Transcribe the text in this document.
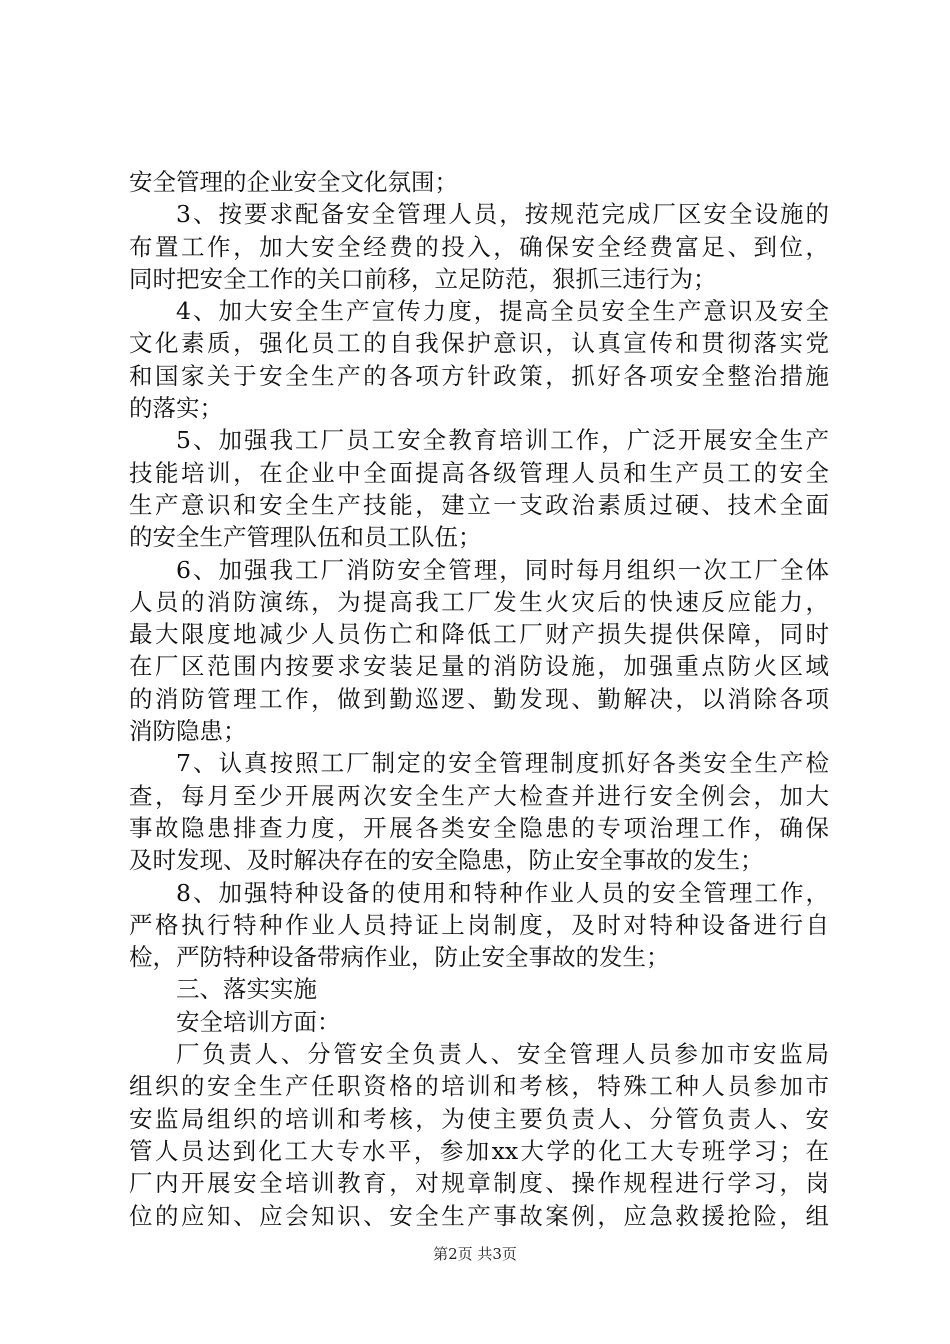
安全管理的企业安全文化氛围；
3、按要求配备安全管理人员，按规范完成厂区安全设施的
布置工作，加大安全经费的投入，确保安全经费富足、到位，
同时把安全工作的关口前移，立足防范，狠抓三违行为；
4、加大安全生产宣传力度，提高全员安全生产意识及安全
文化素质，强化员工的自我保护意识，认真宣传和贯彻落实党
和国家关于安全生产的各项方针政策，抓好各项安全整治措施
的落实；
5、加强我工厂员工安全教育培训工作，广泛开展安全生产
技能培训，在企业中全面提高各级管理人员和生产员工的安全
生产意识和安全生产技能，建立一支政治素质过硬、技术全面
的安全生产管理队伍和员工队伍；
6、加强我工厂消防安全管理，同时每月组织一次工厂全体
人员的消防演练，为提高我工厂发生火灾后的快速反应能力，
最大限度地减少人员伤亡和降低工厂财产损失提供保障，同时
在厂区范围内按要求安装足量的消防设施，加强重点防火区域
的消防管理工作，做到勤巡逻、勤发现、勤解决，以消除各项
消防隐患；
7、认真按照工厂制定的安全管理制度抓好各类安全生产检
查，每月至少开展两次安全生产大检查并进行安全例会，加大
事故隐患排查力度，开展各类安全隐患的专项治理工作，确保
及时发现、及时解决存在的安全隐患，防止安全事故的发生；
8、加强特种设备的使用和特种作业人员的安全管理工作，
严格执行特种作业人员持证上岗制度，及时对特种设备进行自
检，严防特种设备带病作业，防止安全事故的发生；
三、落实实施
安全培训方面：
厂负责人、分管安全负责人、安全管理人员参加市安监局
组织的安全生产任职资格的培训和考核，特殊工种人员参加市
安监局组织的培训和考核，为使主要负责人、分管负责人、安
管人员达到化工大专水平，参加xx大学的化工大专班学习；在
厂内开展安全培训教育，对规章制度、操作规程进行学习，岗
位的应知、应会知识、安全生产事故案例，应急救援抢险，组
第2页 共3页
